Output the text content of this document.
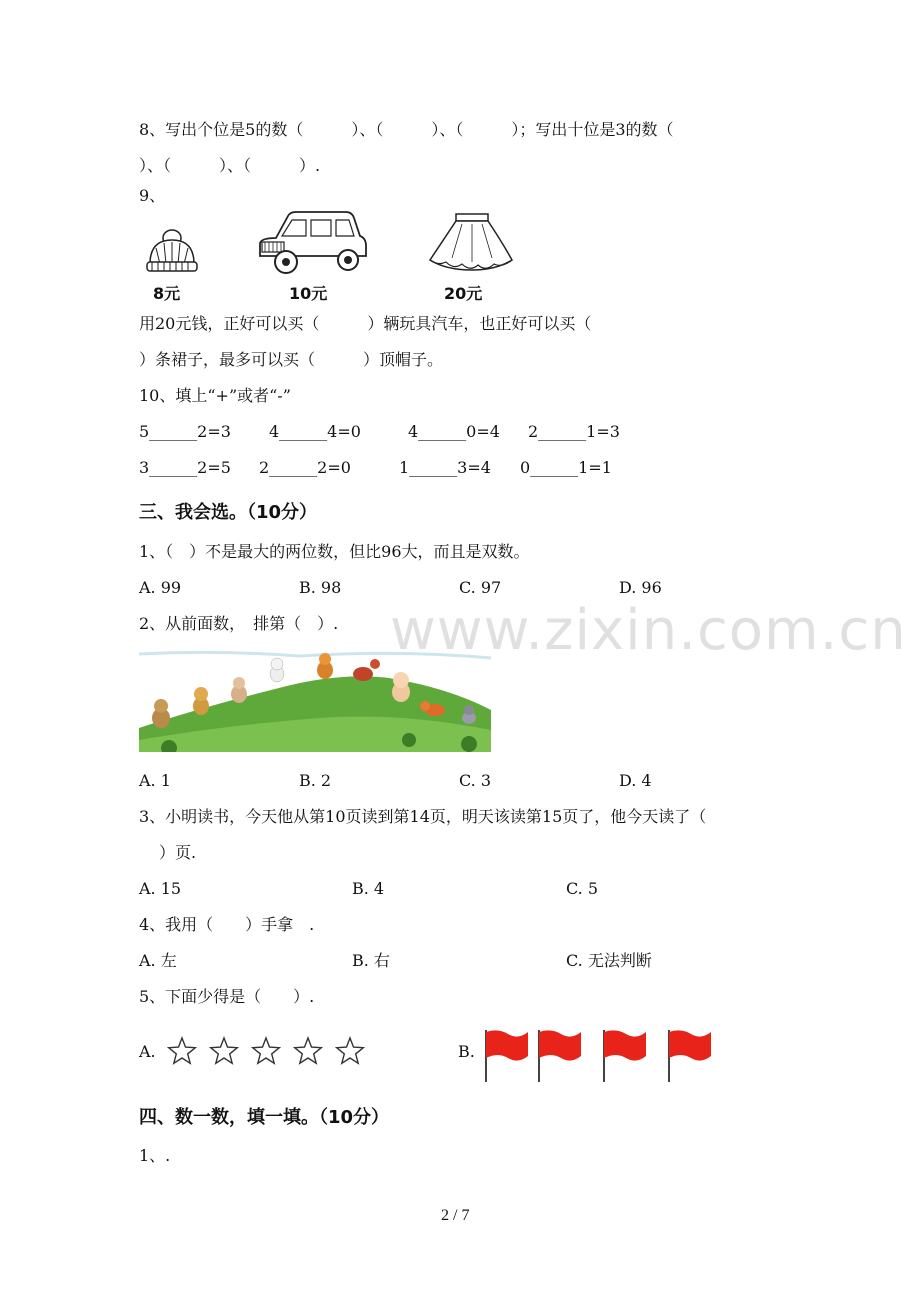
8、写出个位是5的数（　　　）、（　　　）、（　　　）；写出十位是3的数（
）、（　　　）、（　　　）.
9、
8元	10元	20元
用20元钱，正好可以买（　　　）辆玩具汽车，也正好可以买（
）条裙子，最多可以买（　　　）顶帽子。
10、填上“+”或者“-”
5______2=3 4______4=0	4______0=4 2______1=3
3______2=5 2______2=0	1______3=4 0______1=1
三、我会选。（10分）
1、（　）不是最大的两位数，但比96大，而且是双数。
A. 99	B. 98	C. 97	D. 96
2、从前面数，　排第（　）.
A. 1	B. 2	C. 3	D. 4
3、小明读书，今天他从第10页读到第14页，明天该读第15页了，他今天读了（
）页.
A. 15	B. 4	C. 5
4、我用（　　）手拿　.
A. 左	B. 右	C. 无法判断
5、下面少得是（　　）.
A.	B.
四、数一数，填一填。（10分）
1、.
www.zixin.com.cn
2 / 7
